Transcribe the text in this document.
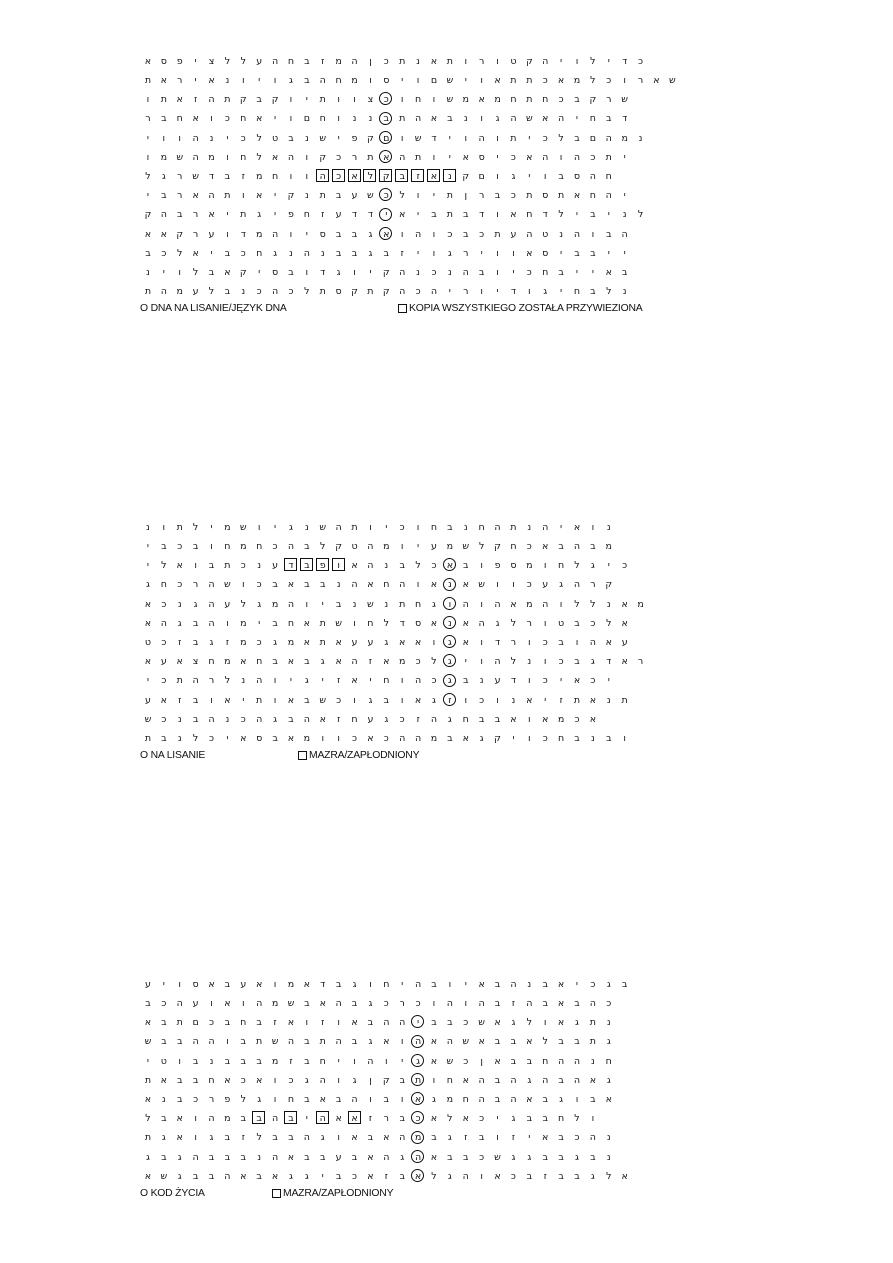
א	ס	פ	י	צ	ל	ל	ע	ה	ח	ב	ז	מ	ה	ן	כ	ת	נ	א	ת	ו	ר	ו	ט ק ה	י	ו	ל	י	ד	כ
ת	א	ר	י	א	נ	ו	י	ו	ג	ב	ה	ח	מ	ו	ס	י	ו	ם ש	י	ו	א	ת	ת	כ	א מ	ל	כ	ו	ר	א ש
ו	ת	א	ז	ה	ת ק	ב	ק	ו	י	ת	ו	ו	צ	כ	ו	ח	ו	ש מ א מ	ח	ת	ח	כ	ב	ק	ר	ש
ר	ב	ח	א	ו	כ	ח	א	י	ו	ם	ח	ו	נ	נ	ב	ת	ה	א	ב	נ	ו	ג	ה ש א	ה	י	ח	ב	ד
י	ו	ו	ה	נ	י	כ	ל	ט	ב	נ	ש	י	פ	ק ם	ו	ש	ד	י	ו	ה	ו	ת	י	כ	ל	ב	ם	ה	מ	נ
ו	מ ש ה	מ	ו	ח	ל	א	ה	ו	ק	כ	ר	ת	א	ה	ת	ו	י	א	ס	י	כ	א	ה	ו	ה	כ	ת	י
ל	ג	ר	ש	ד	ב	ז	מ	ח	ו	ו	ה	כ	א	ל	ק	ב	ז	א	נ	ק ם	ו	ג	י	ו	ב	ס	ה	ח
י	ב	ר	א	ה	ת	ו	א	י	ק	נ	ת	ב	ע	ש	כ	ל	ו	י	ת	ן	ר	ב	כ	ת	ס	ת	א	ח	ה	י
ק ה	ב	ר	א	י	ת	ג	י	פ	ח	ז	ע	ד	ד	י	א	י	ב	ת	ב	ד	ו	א	ח	ד	ל	י	ב	י	נ	ל
א	א ק	ר	ע	ו	ד	מ	ה	ו	י	ס	ב	ב	ג	א	ו	ה	ו	כ	ב	כ	ת	ע	ה	ט	נ	ה	ו	ב	ה
ב	כ	ל	א	י	ב	כ	ח	ג	נ	ה	נ	ב	ב	ג	ב	ז	י	ו	ג	ר	י	ו	ו	א	ס	י	ב	ב	י	י
נ	י	ו	ל	ב	א ק	י	ס	ב	ו	ד	ג	ו	י	ק ה	נ	כ	נ	ה	ב	ו	י	כ	ח	ב	י	י	א	ב
ת	ה	מ	ע	ל	ב	נ	כ	ה	כ	ל	ת	ס ק ת ק ה	כ	ה	י	ר	ו	י	ד	ו	ג	י	ח	ב	ל	נ
O DNA NA LISANIE/JĘZYK DNA	KOPIA WSZYSTKIEGO ZOSTAŁA PRZYWIEZIONA
נ	ו	ת	ל	י	מ ש	ו	י	ג	נ	ש ה	ת	ו	י	כ	ו	ח	ב	נ	ח	ה	ת	נ	ה	י	א	ו	נ
י	ב	כ	ב	ו	ח	מ	ח	כ	ה	ב	ל	ק ט	ה	מ	ו	י	ע	מ ש	ל	ק ח	כ	א	ב	ה	ב	מ
י	ל	א	ו	ב	ת	כ	נ	ע	ד	ב	פ	ו	א	ה	נ	ב	ל	כ	א	ב	ו	פ	ס	מ	ו	ח	ל	ג	י	כ
ג	ח	כ	ר	ה ש	ו	כ	ב	א	ב	ב	נ	ה	א	ח	ה	ו	א	נ	א ש	ו	ו	כ	ע	ג	ה	ר	ק
א	כ	נ	ג	ה	ע	ל	ג	מ	ה	ו	י	ב	נ	ש	נ	ת	ח	ג	ו	ה	ו	ה	א מ	ה	ו	ל	ל	נ	א מ
א	ה	ג	ב	ה	ו	מ	י	ב	ח	א	ת ש	ו	ח	ל	ד	ס	א	נ	א	ה	ג	ל	ר	ו	ט	ב	כ	ל	א
ט	כ	ז	ב	ג	ז	מ	כ	ג	מ א	ת	א	ע	ע	ג	א	א	ו	ג	א	ו	ד	ר	ו	כ	ב	ו	ה	א	ע
א	ע	א	צ	ח	מ א	ח	ב	א	ב	ג	א	ה	ז	א מ	כ	ל	ג	י	ו	ה	ל	נ	ו	כ	ב	ג	ד	א	ר
י	כ	ת	ה	ר	ל	נ	ה	ו	י	ג	י	ז	א	י	ח	ו	ה	כ	ג	ב	נ	ע	ד	ו	כ	י	א	כ	י
ע	א	ז	ב	ו	א	י	ת	ו	א	ב	ש	כ	ו	ג	ב	ו	א	ג	ז	ו	כ	ו	נ	א	י	ז	ת	א	נ	ת
ש	כ	נ	ב	ה	נ	כ	ה	ג	ב	ה	א	ז	ח	ע	ג	כ	ז	ה	ג	ח	ב	ב	א	ו	א מ	כ	א
ת	ב	נ	ל	כ	י	א	ס	ב	א מ	ו	ו	כ	א	כ	ה	ה	מ	ב	א	ג	ק	י	ו	כ	ח	ב	נ	ב	ו
O NA LISANIE	MAZRA/ZAPŁODNIONY
ע	י	ו	ס	א	ב	ע	א	ו	מ א	ד	ב	ג	ו	ח	י	ה	ב	ו	י	א	ב	ה	נ	ב	א	י	כ	ג	ב
ב	כ	ה	ע	ו	א	ו	ה	מ ש	ב	א	ה	ב	ג	כ	ר	כ	ו	ה	ו	ה	ב	ז	ה	ב	א	ב	ה	כ
א	ב	ת	ם	כ	ב	ח	ב	ז	א	ו	ז	ו	א	ב	ה	ה	י	ב	ב	כ	ש א	ג	ל	ו	א	ג	ת	נ
ש	ב	ב	ה	ה	ו	ב	ת ש ה	ב	ת	ה	ב	ג	א	ו	ה	א	ה ש א	ב	ב	א	ל	ב	ב	ת	ג
י	ט	ו	ב	נ	ב	ב	ב	מ	ז	ב	ח	י	ו	ה	ו	י	ג	א ש	כ	ן	א	ב	ב	ח	ה	ה	נ	ח
ת	א	ב	ב	ח	א	כ	א	ו	כ	ג	ה	ו	ג	ן	ק	ב	ת	ו	ח	א	ה	ב	ה	ג	ה	ב	ה	א	ג
א	נ	ב	כ	ר	פ	ל	ג	ו	ח	ב	א	ב	ה	ו	ב	ו	א	ג	מ	ח	ה	ב	ה	א	ב	ג	ו	ב	א
ל	ב	א	ו	ה	מ	ב	ב	ה	ב	י	ה	א	א	ז	ר	ב	כ	א	ל	א	כ	י	ג	ב	ב	ח	ל	ו
ת	ג	א	ו	ג	ב	ז	ל	ב	ב	ה	ג	ו	א	ב	א	ה	מ	ב	ג	ז	ב	ו	ז	י	א	ב	כ	ה	נ
ג	ב	ג	ה	ב	ב	ב	נ	ה	א	ב	ב	ע	ב	א	ה	ג	ה	א	ב	ב	כ	ש	ג	ג	ב	ב	ג	ב	נ
א ש	ג	ב	ב	ה	א	ב	א	ג	ג	י	ב	כ	א	ז	ב	א	ל	ג	ה	ו	א	כ	ב	ז	ב	ב	ג	ל	א
O KOD ŻYCIA	MAZRA/ZAPŁODNIONY
